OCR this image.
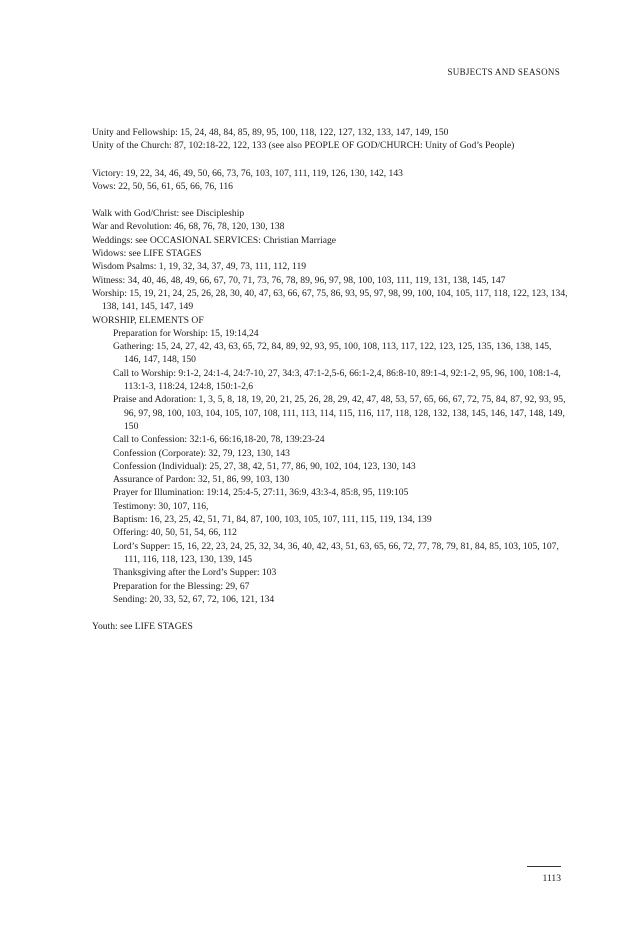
SUBJECTS AND SEASONS
Unity and Fellowship: 15, 24, 48, 84, 85, 89, 95, 100, 118, 122, 127, 132, 133, 147, 149, 150
Unity of the Church: 87, 102:18-22, 122, 133 (see also PEOPLE OF GOD/CHURCH: Unity of God’s People)
Victory: 19, 22, 34, 46, 49, 50, 66, 73, 76, 103, 107, 111, 119, 126, 130, 142, 143
Vows: 22, 50, 56, 61, 65, 66, 76, 116
Walk with God/Christ: see Discipleship
War and Revolution: 46, 68, 76, 78, 120, 130, 138
Weddings: see OCCASIONAL SERVICES: Christian Marriage
Widows: see LIFE STAGES
Wisdom Psalms: 1, 19, 32, 34, 37, 49, 73, 111, 112, 119
Witness: 34, 40, 46, 48, 49, 66, 67, 70, 71, 73, 76, 78, 89, 96, 97, 98, 100, 103, 111, 119, 131, 138, 145, 147
Worship: 15, 19, 21, 24, 25, 26, 28, 30, 40, 47, 63, 66, 67, 75, 86, 93, 95, 97, 98, 99, 100, 104, 105, 117, 118, 122, 123, 134, 138, 141, 145, 147, 149
WORSHIP, ELEMENTS OF
Preparation for Worship: 15, 19:14,24
Gathering: 15, 24, 27, 42, 43, 63, 65, 72, 84, 89, 92, 93, 95, 100, 108, 113, 117, 122, 123, 125, 135, 136, 138, 145, 146, 147, 148, 150
Call to Worship: 9:1-2, 24:1-4, 24:7-10, 27, 34:3, 47:1-2,5-6, 66:1-2,4, 86:8-10, 89:1-4, 92:1-2, 95, 96, 100, 108:1-4, 113:1-3, 118:24, 124:8, 150:1-2,6
Praise and Adoration: 1, 3, 5, 8, 18, 19, 20, 21, 25, 26, 28, 29, 42, 47, 48, 53, 57, 65, 66, 67, 72, 75, 84, 87, 92, 93, 95, 96, 97, 98, 100, 103, 104, 105, 107, 108, 111, 113, 114, 115, 116, 117, 118, 128, 132, 138, 145, 146, 147, 148, 149, 150
Call to Confession: 32:1-6, 66:16,18-20, 78, 139:23-24
Confession (Corporate): 32, 79, 123, 130, 143
Confession (Individual): 25, 27, 38, 42, 51, 77, 86, 90, 102, 104, 123, 130, 143
Assurance of Pardon: 32, 51, 86, 99, 103, 130
Prayer for Illumination: 19:14, 25:4-5, 27:11, 36:9, 43:3-4, 85:8, 95, 119:105
Testimony: 30, 107, 116,
Baptism: 16, 23, 25, 42, 51, 71, 84, 87, 100, 103, 105, 107, 111, 115, 119, 134, 139
Offering: 40, 50, 51, 54, 66, 112
Lord’s Supper: 15, 16, 22, 23, 24, 25, 32, 34, 36, 40, 42, 43, 51, 63, 65, 66, 72, 77, 78, 79, 81, 84, 85, 103, 105, 107, 111, 116, 118, 123, 130, 139, 145
Thanksgiving after the Lord’s Supper: 103
Preparation for the Blessing: 29, 67
Sending: 20, 33, 52, 67, 72, 106, 121, 134
Youth: see LIFE STAGES
1113
